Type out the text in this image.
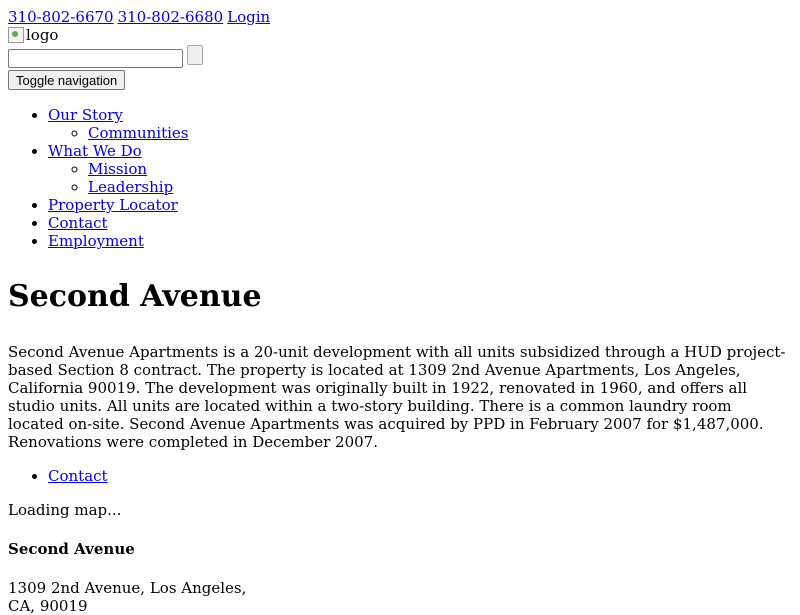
310-802-6670 310-802-6680 Login
logo
Toggle navigation
• Our Story
◦ Communities
• What We Do
◦ Mission
◦ Leadership
• Property Locator
• Contact
• Employment
Second Avenue

Second Avenue Apartments is a 20-unit development with all units subsidized through a HUD project-based Section 8 contract. The property is located at 1309 2nd Avenue Apartments, Los Angeles, California 90019. The development was originally built in 1922, renovated in 1960, and offers all studio units. All units are located within a two-story building. There is a common laundry room located on-site. Second Avenue Apartments was acquired by PPD in February 2007 for $1,487,000. Renovations were completed in December 2007.

• Contact
Loading map...
Second Avenue
1309 2nd Avenue, Los Angeles,
CA, 90019
